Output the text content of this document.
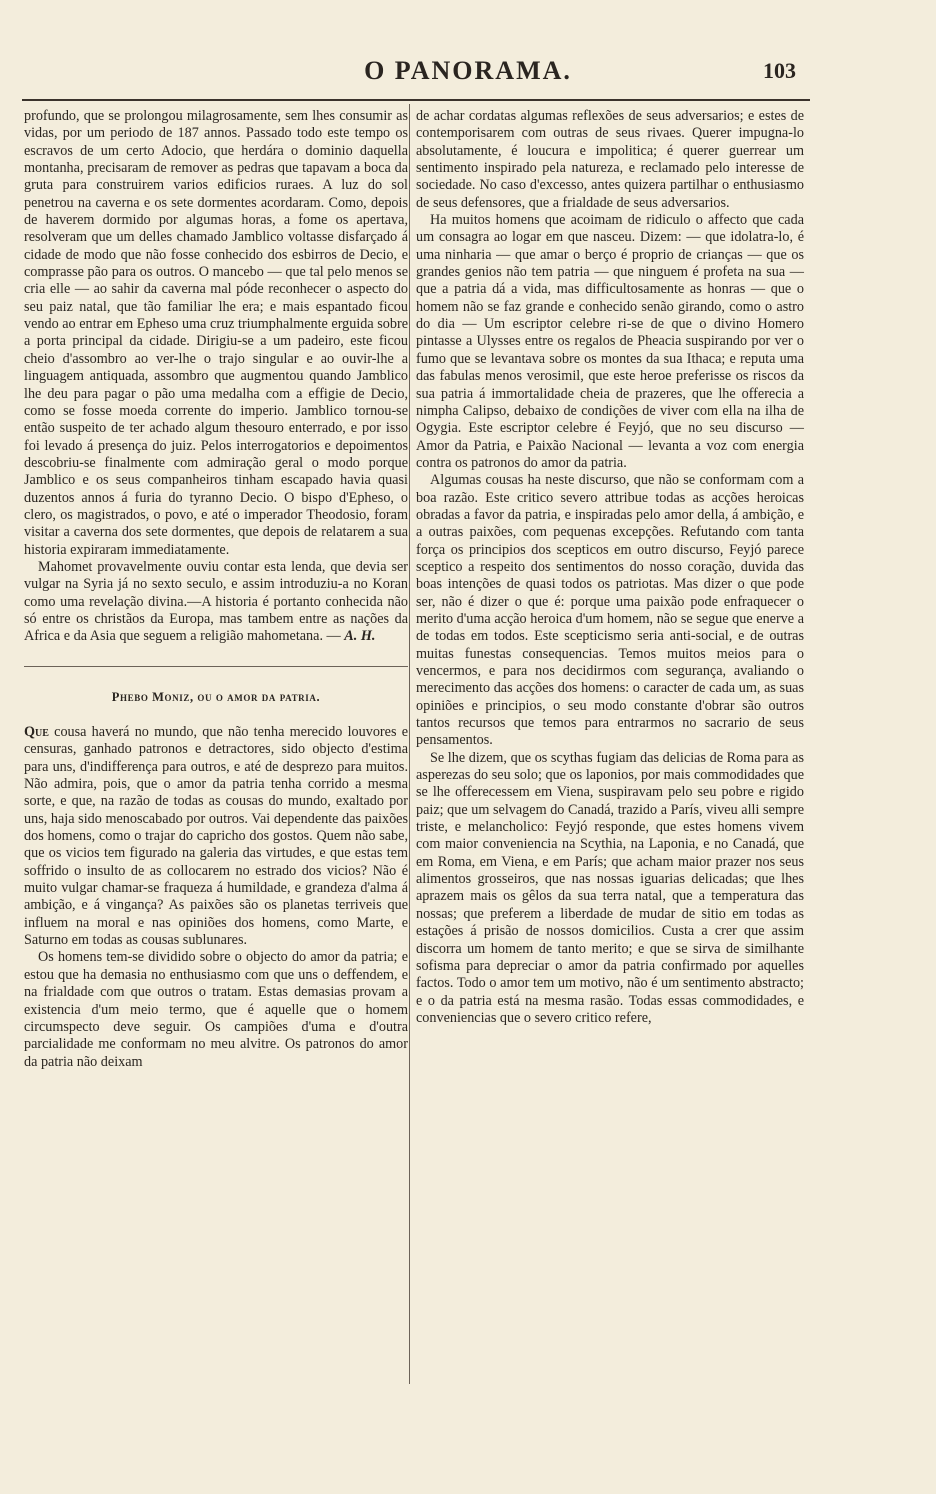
O PANORAMA.	103

profundo, que se prolongou milagrosamente, sem lhes consumir as vidas, por um periodo de 187 annos. Passado todo este tempo os escravos de um certo Adocio, que herdára o dominio daquella montanha, precisaram de remover as pedras que tapavam a boca da gruta para construirem varios edificios ruraes. A luz do sol penetrou na caverna e os sete dormentes acordaram. Como, depois de haverem dormido por algumas horas, a fome os apertava, resolveram que um delles chamado Jamblico voltasse disfarçado á cidade de modo que não fosse conhecido dos esbirros de Decio, e comprasse pão para os outros. O mancebo — que tal pelo menos se cria elle — ao sahir da caverna mal póde reconhecer o aspecto do seu paiz natal, que tão familiar lhe era; e mais espantado ficou vendo ao entrar em Epheso uma cruz triumphalmente erguida sobre a porta principal da cidade. Dirigiu-se a um padeiro, este ficou cheio d'assombro ao ver-lhe o trajo singular e ao ouvir-lhe a linguagem antiquada, assombro que augmentou quando Jamblico lhe deu para pagar o pão uma medalha com a effigie de Decio, como se fosse moeda corrente do imperio. Jamblico tornou-se então suspeito de ter achado algum thesouro enterrado, e por isso foi levado á presença do juiz. Pelos interrogatorios e depoimentos descobriu-se finalmente com admiração geral o modo porque Jamblico e os seus companheiros tinham escapado havia quasi duzentos annos á furia do tyranno Decio. O bispo d'Epheso, o clero, os magistrados, o povo, e até o imperador Theodosio, foram visitar a caverna dos sete dormentes, que depois de relatarem a sua historia expiraram immediatamente.

Mahomet provavelmente ouviu contar esta lenda, que devia ser vulgar na Syria já no sexto seculo, e assim introduziu-a no Koran como uma revelação divina.—A historia é portanto conhecida não só entre os christãos da Europa, mas tambem entre as nações da Africa e da Asia que seguem a religião mahometana. — A. H.

Phebo Moniz, ou o amor da patria.

Que cousa haverá no mundo, que não tenha merecido louvores e censuras, ganhado patronos e detractores, sido objecto d'estima para uns, d'indifferença para outros, e até de desprezo para muitos. Não admira, pois, que o amor da patria tenha corrido a mesma sorte, e que, na razão de todas as cousas do mundo, exaltado por uns, haja sido menoscabado por outros. Vai dependente das paixões dos homens, como o trajar do capricho dos gostos. Quem não sabe, que os vicios tem figurado na galeria das virtudes, e que estas tem soffrido o insulto de as collocarem no estrado dos vicios? Não é muito vulgar chamar-se fraqueza á humildade, e grandeza d'alma á ambição, e á vingança? As paixões são os planetas terriveis que influem na moral e nas opiniões dos homens, como Marte, e Saturno em todas as cousas sublunares.

Os homens tem-se dividido sobre o objecto do amor da patria; e estou que ha demasia no enthusiasmo com que uns o deffendem, e na frialdade com que outros o tratam. Estas demasias provam a existencia d'um meio termo, que é aquelle que o homem circumspecto deve seguir. Os campiões d'uma e d'outra parcialidade me conformam no meu alvitre. Os patronos do amor da patria não deixam

de achar cordatas algumas reflexões de seus adversarios; e estes de contemporisarem com outras de seus rivaes. Querer impugna-lo absolutamente, é loucura e impolitica; é querer guerrear um sentimento inspirado pela natureza, e reclamado pelo interesse de sociedade. No caso d'excesso, antes quizera partilhar o enthusiasmo de seus defensores, que a frialdade de seus adversarios.

Ha muitos homens que acoimam de ridiculo o affecto que cada um consagra ao logar em que nasceu. Dizem: — que idolatra-lo, é uma ninharia — que amar o berço é proprio de crianças — que os grandes genios não tem patria — que ninguem é profeta na sua — que a patria dá a vida, mas difficultosamente as honras — que o homem não se faz grande e conhecido senão girando, como o astro do dia — Um escriptor celebre ri-se de que o divino Homero pintasse a Ulysses entre os regalos de Pheacia suspirando por ver o fumo que se levantava sobre os montes da sua Ithaca; e reputa uma das fabulas menos verosimil, que este heroe preferisse os riscos da sua patria á immortalidade cheia de prazeres, que lhe offerecia a nimpha Calipso, debaixo de condições de viver com ella na ilha de Ogygia. Este escriptor celebre é Feyjó, que no seu discurso — Amor da Patria, e Paixão Nacional — levanta a voz com energia contra os patronos do amor da patria.

Algumas cousas ha neste discurso, que não se conformam com a boa razão. Este critico severo attribue todas as acções heroicas obradas a favor da patria, e inspiradas pelo amor della, á ambição, e a outras paixões, com pequenas excepções. Refutando com tanta força os principios dos scepticos em outro discurso, Feyjó parece sceptico a respeito dos sentimentos do nosso coração, duvida das boas intenções de quasi todos os patriotas. Mas dizer o que pode ser, não é dizer o que é: porque uma paixão pode enfraquecer o merito d'uma acção heroica d'um homem, não se segue que enerve a de todas em todos. Este scepticismo seria anti-social, e de outras muitas funestas consequencias. Temos muitos meios para o vencermos, e para nos decidirmos com segurança, avaliando o merecimento das acções dos homens: o caracter de cada um, as suas opiniões e principios, o seu modo constante d'obrar são outros tantos recursos que temos para entrarmos no sacrario de seus pensamentos.

Se lhe dizem, que os scythas fugiam das delicias de Roma para as asperezas do seu solo; que os laponios, por mais commodidades que se lhe offerecessem em Viena, suspiravam pelo seu pobre e rigido paiz; que um selvagem do Canadá, trazido a París, viveu alli sempre triste, e melancholico: Feyjó responde, que estes homens vivem com maior conveniencia na Scythia, na Laponia, e no Canadá, que em Roma, em Viena, e em París; que acham maior prazer nos seus alimentos grosseiros, que nas nossas iguarias delicadas; que lhes aprazem mais os gêlos da sua terra natal, que a temperatura das nossas; que preferem a liberdade de mudar de sitio em todas as estações á prisão de nossos domicilios. Custa a crer que assim discorra um homem de tanto merito; e que se sirva de similhante sofisma para depreciar o amor da patria confirmado por aquelles factos. Todo o amor tem um motivo, não é um sentimento abstracto; e o da patria está na mesma rasão. Todas essas commodidades, e conveniencias que o severo critico refere,
